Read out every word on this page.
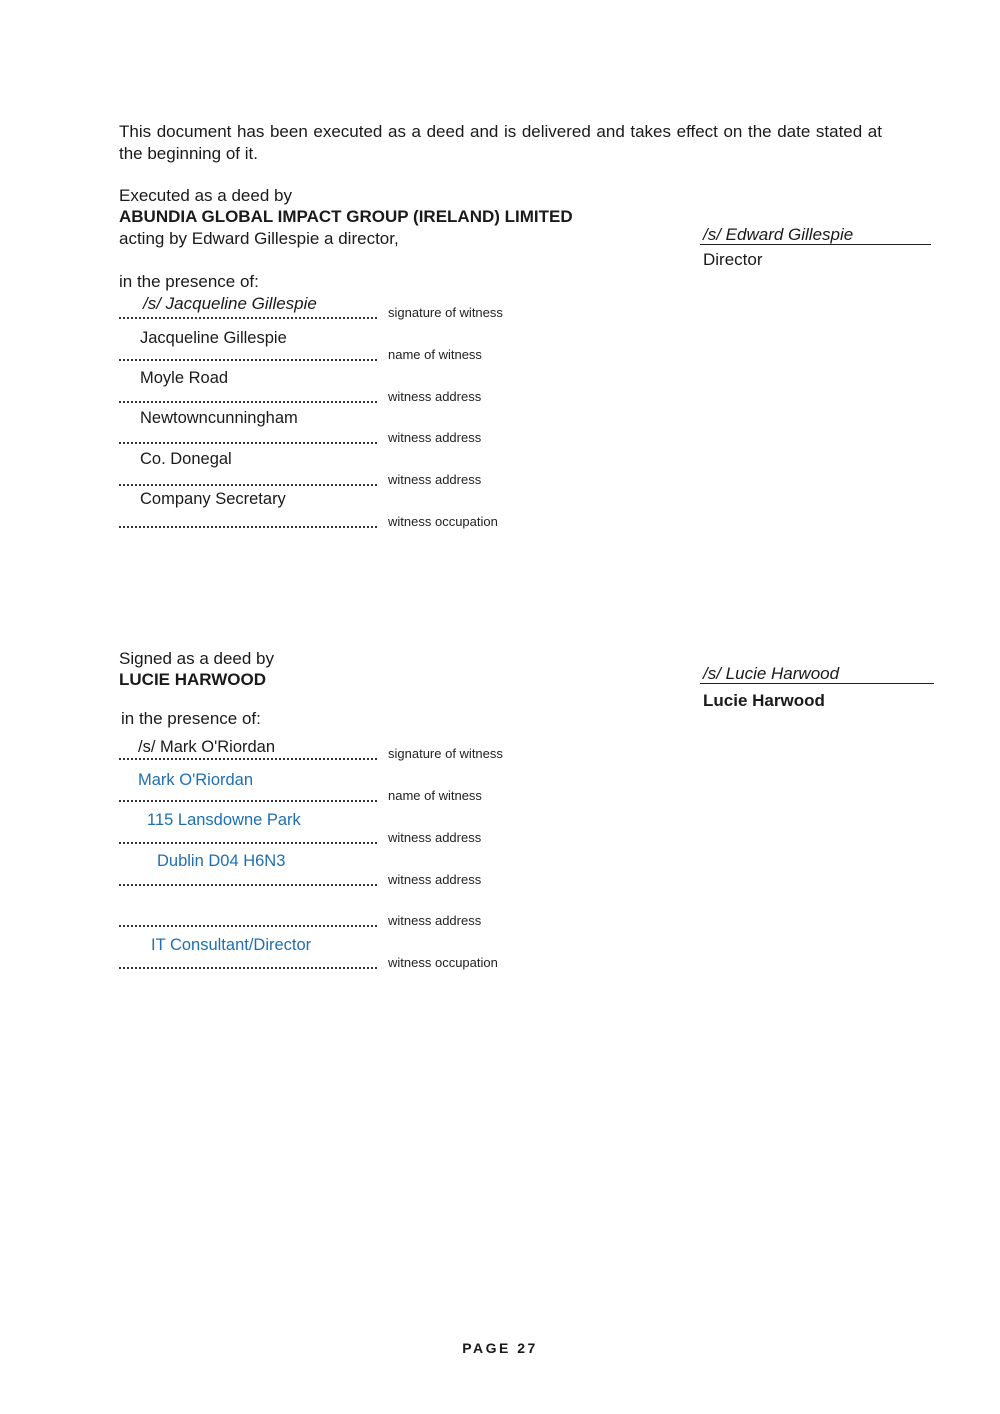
This document has been executed as a deed and is delivered and takes effect on the date stated at the beginning of it.
Executed as a deed by
ABUNDIA GLOBAL IMPACT GROUP (IRELAND) LIMITED
acting by Edward Gillespie a director,	/s/ Edward Gillespie
Director
in the presence of:
/s/ Jacqueline Gillespie	signature of witness
Jacqueline Gillespie
name of witness
Moyle Road
witness address
Newtowncunningham
witness address
Co. Donegal
witness address
Company Secretary
witness occupation
Signed as a deed by
LUCIE HARWOOD	/s/ Lucie Harwood
Lucie Harwood
in the presence of:
/s/ Mark O'Riordan	signature of witness
Mark O'Riordan
name of witness
115 Lansdowne Park
witness address
Dublin D04 H6N3
witness address
witness address
IT Consultant/Director
witness occupation
PAGE 27
